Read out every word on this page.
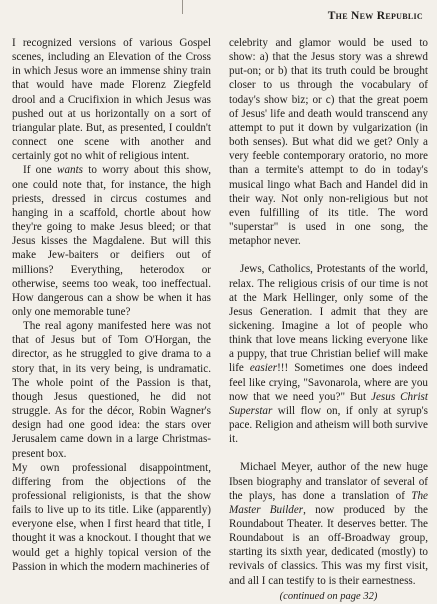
The New Republic

I recognized versions of various Gospel scenes, including an Elevation of the Cross in which Jesus wore an immense shiny train that would have made Florenz Ziegfeld drool and a Crucifixion in which Jesus was pushed out at us horizontally on a sort of triangular plate. But, as presented, I couldn't connect one scene with another and certainly got no whit of religious intent.

If one wants to worry about this show, one could note that, for instance, the high priests, dressed in circus costumes and hanging in a scaffold, chortle about how they're going to make Jesus bleed; or that Jesus kisses the Magdalene. But will this make Jew-baiters or deifiers out of millions? Everything, heterodox or otherwise, seems too weak, too ineffectual. How dangerous can a show be when it has only one memorable tune?

The real agony manifested here was not that of Jesus but of Tom O'Horgan, the director, as he struggled to give drama to a story that, in its very being, is undramatic. The whole point of the Passion is that, though Jesus questioned, he did not struggle. As for the décor, Robin Wagner's design had one good idea: the stars over Jerusalem came down in a large Christmas-present box.

My own professional disappointment, differing from the objections of the professional religionists, is that the show fails to live up to its title. Like (apparently) everyone else, when I first heard that title, I thought it was a knockout. I thought that we would get a highly topical version of the Passion in which the modern machineries of

celebrity and glamor would be used to show: a) that the Jesus story was a shrewd put-on; or b) that its truth could be brought closer to us through the vocabulary of today's show biz; or c) that the great poem of Jesus' life and death would transcend any attempt to put it down by vulgarization (in both senses). But what did we get? Only a very feeble contemporary oratorio, no more than a termite's attempt to do in today's musical lingo what Bach and Handel did in their way. Not only non-religious but not even fulfilling of its title. The word "superstar" is used in one song, the metaphor never.

Jews, Catholics, Protestants of the world, relax. The religious crisis of our time is not at the Mark Hellinger, only some of the Jesus Generation. I admit that they are sickening. Imagine a lot of people who think that love means licking everyone like a puppy, that true Christian belief will make life easier!!! Sometimes one does indeed feel like crying, "Savonarola, where are you now that we need you?" But Jesus Christ Superstar will flow on, if only at syrup's pace. Religion and atheism will both survive it.

Michael Meyer, author of the new huge Ibsen biography and translator of several of the plays, has done a translation of The Master Builder, now produced by the Roundabout Theater. It deserves better. The Roundabout is an off-Broadway group, starting its sixth year, dedicated (mostly) to revivals of classics. This was my first visit, and all I can testify to is their earnestness.

(continued on page 32)
